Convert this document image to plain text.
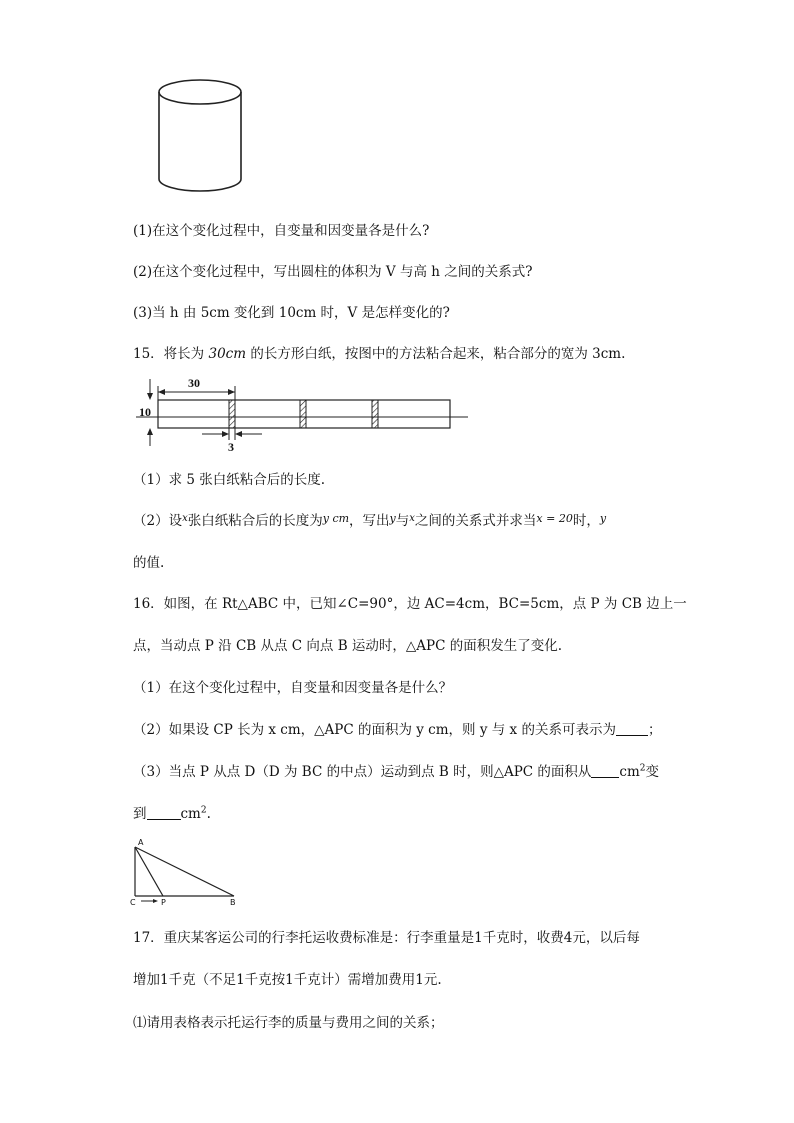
(1)在这个变化过程中，自变量和因变量各是什么?
(2)在这个变化过程中，写出圆柱的体积为 V 与高 h 之间的关系式?
(3)当 h 由 5cm 变化到 10cm 时，V 是怎样变化的?
15．将长为 30cm 的长方形白纸，按图中的方法粘合起来，粘合部分的宽为 3cm.
30
10
3
（1）求 5 张白纸粘合后的长度.
（2）设$^x$张白纸粘合后的长度为$^{y cm}$，写出$^y$与$^x$之间的关系式并求当$^{x = 20}$时，$^y$
的值.
16．如图，在 Rt△ABC 中，已知∠C=90°，边 AC=4cm，BC=5cm，点 P 为 CB 边上一
点，当动点 P 沿 CB 从点 C 向点 B 运动时，△APC 的面积发生了变化.
（1）在这个变化过程中，自变量和因变量各是什么？
（2）如果设 CP 长为 x cm，△APC 的面积为 y cm，则 y 与 x 的关系可表示为 ；
（3）当点 P 从点 D（D 为 BC 的中点）运动到点 B 时，则△APC 的面积从 $cm^2$变
到	$cm^2$.
A
C	P	B
17．重庆某客运公司的行李托运收费标准是：行李重量是1千克时，收费4元，以后每
增加1千克（不足1千克按1千克计）需增加费用1元.
⑴请用表格表示托运行李的质量与费用之间的关系；
